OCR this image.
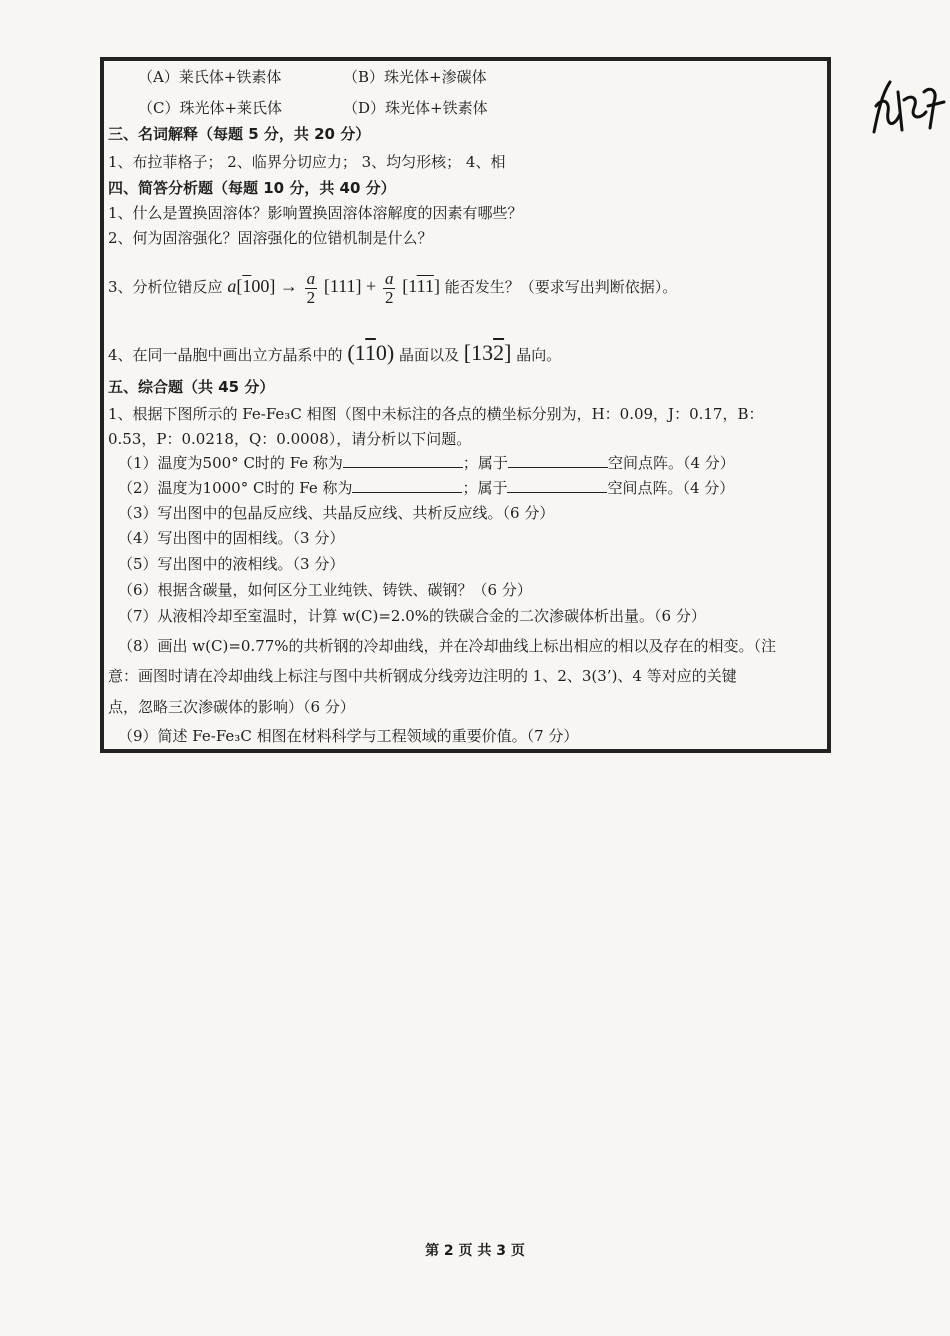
（A）莱氏体+铁素体	（B）珠光体+渗碳体
（C）珠光体+莱氏体	（D）珠光体+铁素体
三、名词解释（每题 5 分，共 20 分）
1、布拉菲格子； 2、临界分切应力； 3、均匀形核； 4、相
四、简答分析题（每题 10 分，共 40 分）
1、什么是置换固溶体？影响置换固溶体溶解度的因素有哪些？
2、何为固溶强化？固溶强化的位错机制是什么？
3、分析位错反应 $a[100] \to \frac{a}{2} [111] + \frac{a}{2} [111]$ 能否发生？（要求写出判断依据）。
4、在同一晶胞中画出立方晶系中的 (110) 晶面以及 [132] 晶向。
五、综合题（共 45 分）
1、根据下图所示的 Fe-Fe₃C 相图（图中未标注的各点的横坐标分别为，H：0.09，J：0.17，B：
0.53，P：0.0218，Q：0.0008），请分析以下问题。
（1）温度为500° C时的 Fe 称为	；属于	空间点阵。（4 分）
（2）温度为1000° C时的 Fe 称为	；属于	空间点阵。（4 分）
（3）写出图中的包晶反应线、共晶反应线、共析反应线。（6 分）
（4）写出图中的固相线。（3 分）
（5）写出图中的液相线。（3 分）
（6）根据含碳量，如何区分工业纯铁、铸铁、碳钢？（6 分）
（7）从液相冷却至室温时，计算 w(C)=2.0%的铁碳合金的二次渗碳体析出量。（6 分）
（8）画出 w(C)=0.77%的共析钢的冷却曲线，并在冷却曲线上标出相应的相以及存在的相变。（注
意：画图时请在冷却曲线上标注与图中共析钢成分线旁边注明的 1、2、3(3’)、4 等对应的关键
点，忽略三次渗碳体的影响）（6 分）
（9）简述 Fe-Fe₃C 相图在材料科学与工程领域的重要价值。（7 分）
第 2 页 共 3 页
